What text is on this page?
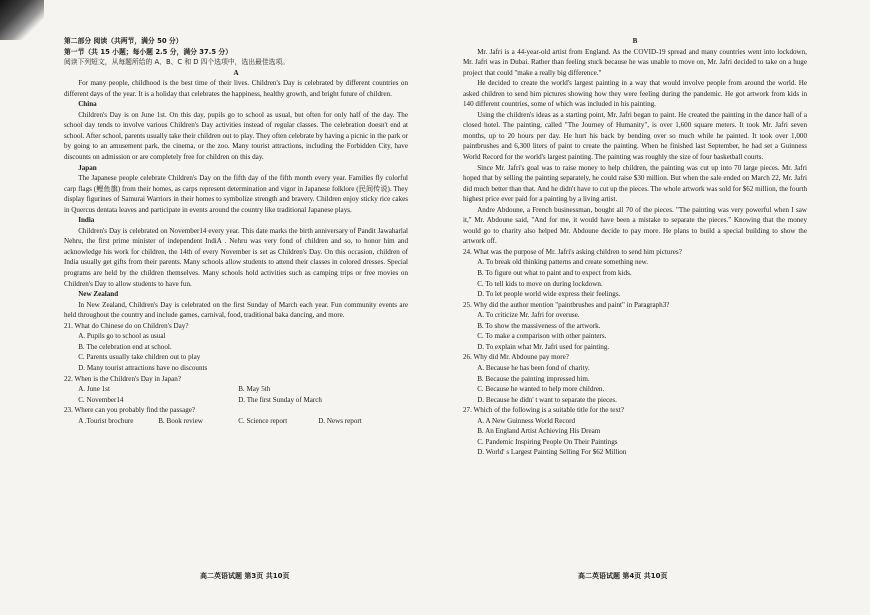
第二部分 阅读（共两节，满分 50 分）

第一节（共 15 小题；每小题 2.5 分，满分 37.5 分）

阅读下列短文，从每题所给的 A、B、C 和 D 四个选项中，选出最佳选项。

A

For many people, childhood is the best time of their lives. Children's Day is celebrated by different countries on different days of the year. It is a holiday that celebrates the happiness, healthy growth, and bright future of children.

China

Children's Day is on June 1st. On this day, pupils go to school as usual, but often for only half of the day. The school day tends to involve various Children's Day activities instead of regular classes. The celebration doesn't end at school. After school, parents usually take their children out to play. They often celebrate by having a picnic in the park or by going to an amusement park, the cinema, or the zoo. Many tourist attractions, including the Forbidden City, have discounts on admission or are completely free for children on this day.

Japan

The Japanese people celebrate Children's Day on the fifth day of the fifth month every year. Families fly colorful carp flags (鲤鱼旗) from their homes, as carps represent determination and vigor in Japanese folklore (民间传说). They display figurines of Samurai Warriors in their homes to symbolize strength and bravery. Children enjoy sticky rice cakes in Quercus dentata leaves and participate in events around the country like traditional Japanese plays.

India

Children's Day is celebrated on November14 every year. This date marks the birth anniversary of Pandit Jawaharlal Nehru, the first prime minister of independent IndiA . Nehru was very fond of children and so, to honor him and acknowledge his work for children, the 14th of every November is set as Children's Day. On this occasion, children of India usually get gifts from their parents. Many schools allow students to attend their classes in colored dresses. Special programs are held by the children themselves. Many schools hold activities such as camping trips or free movies on Children's Day to allow students to have fun.

New Zealand

In New Zealand, Children's Day is celebrated on the first Sunday of March each year. Fun community events are held throughout the country and include games, carnival, food, traditional baka dancing, and more.

21. What do Chinese do on Children's Day?

A. Pupils go to school as usual

B. The celebration end at school.

C. Parents usually take children out to play

D. Many tourist attractions have no discounts

22. When is the Children's Day in Japan?

A. June 1st	B. May 5th
C. November14	D. The first Sunday of March

23. Where can you probably find the passage?

A .Tourist brochure	B. Book review	C. Science report	D. News report

B

Mr. Jafri is a 44-year-old artist from England. As the COVID-19 spread and many countries went into lockdown, Mr. Jafri was in Dubai. Rather than feeling stuck because he was unable to move on, Mr. Jafri decided to take on a huge project that could "make a really big difference."

He decided to create the world's largest painting in a way that would involve people from around the world. He asked children to send him pictures showing how they were feeling during the pandemic. He got artwork from kids in 140 different countries, some of which was included in his painting.

Using the children's ideas as a starting point, Mr. Jafri began to paint. He created the painting in the dance hall of a closed hotel. The painting, called "The Journey of Humanity", is over 1,600 square meters. It took Mr. Jafri seven months, up to 20 hours per day. He hurt his back by bending over so much while he painted. It took over 1,000 paintbrushes and 6,300 liters of paint to create the painting. When he finished last September, he had set a Guinness World Record for the world's largest painting. The painting was roughly the size of four basketball courts.

Since Mr. Jafri's goal was to raise money to help children, the painting was cut up into 70 large pieces. Mr. Jafri hoped that by selling the painting separately, he could raise $30 million. But when the sale ended on March 22, Mr. Jafri did much better than that. And he didn't have to cut up the pieces. The whole artwork was sold for $62 million, the fourth highest price ever paid for a painting by a living artist.

Andre Abdoune, a French businessman, bought all 70 of the pieces. "The painting was very powerful when I saw it," Mr. Abdoune said, "And for me, it would have been a mistake to separate the pieces." Knowing that the money would go to charity also helped Mr. Abdoune decide to pay more. He plans to build a special building to show the artwork off.

24. What was the purpose of Mr. Jafri's asking children to send him pictures?

A. To break old thinking patterns and create something new.

B. To figure out what to paint and to expect from kids.

C. To tell kids to move on during lockdown.

D. To let people world wide express their feelings.

25. Why did the author mention "paintbrushes and paint" in Paragraph3?

A. To criticize Mr. Jafri for overuse.

B. To show the massiveness of the artwork.

C. To make a comparison with other painters.

D. To explain what Mr. Jafri used for painting.

26. Why did Mr. Abdoune pay more?

A. Because he has been fond of charity.

B. Because the painting impressed him.

C. Because he wanted to help more children.

D. Because he didn' t want to separate the pieces.

27. Which of the following is a suitable title for the text?

A. A New Guinness World Record

B. An England Artist Achieving His Dream

C. Pandemic Inspiring People On Their Paintings

D. World' s Largest Painting Selling For $62 Million

高二英语试题 第3页 共10页	高二英语试题 第4页 共10页
